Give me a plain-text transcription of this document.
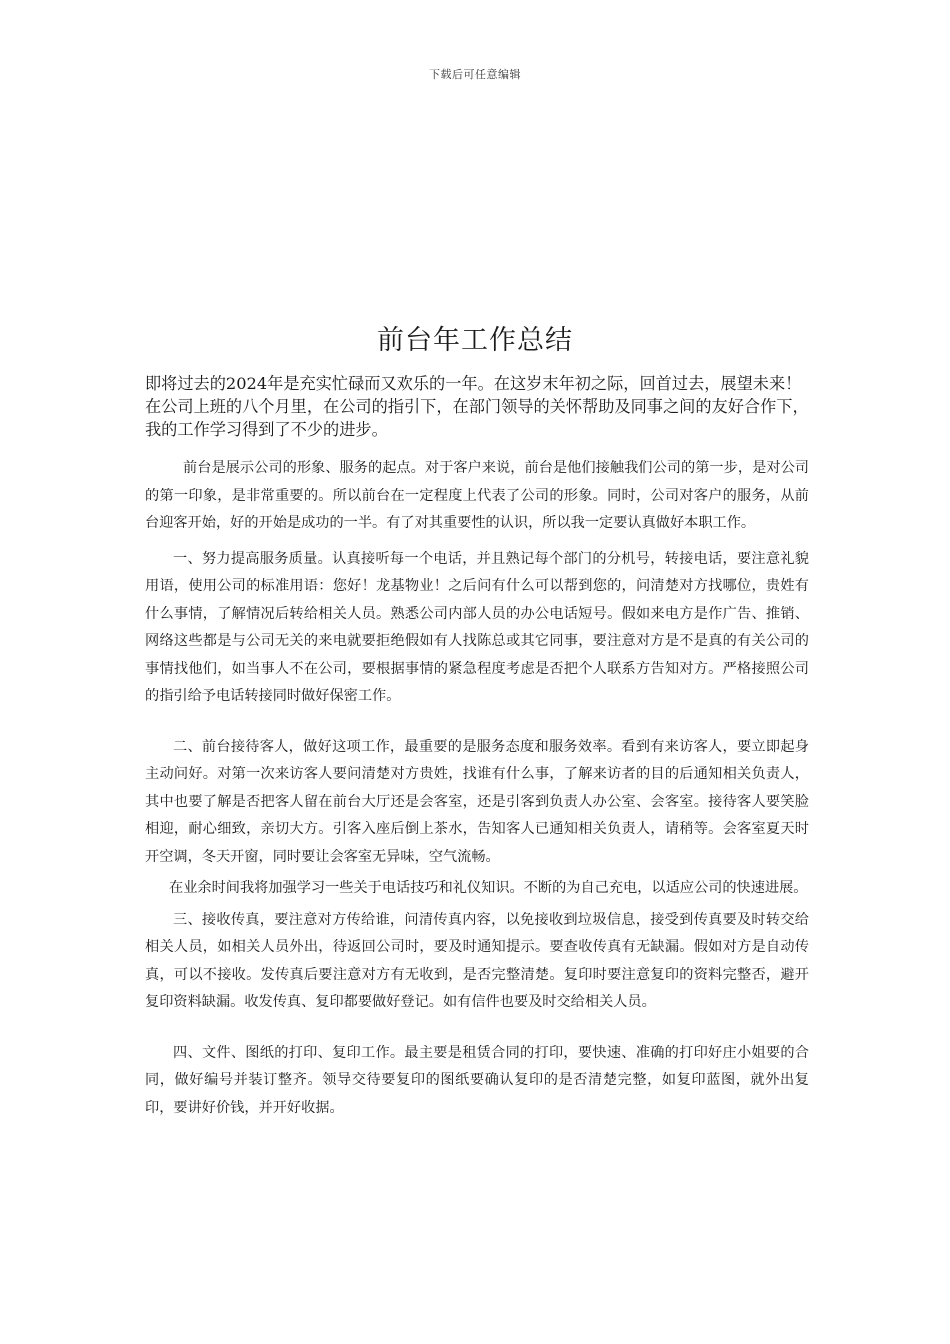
下载后可任意编辑
前台年工作总结

即将过去的2024年是充实忙碌而又欢乐的一年。在这岁末年初之际，回首过去，展望未来！在公司上班的八个月里，在公司的指引下，在部门领导的关怀帮助及同事之间的友好合作下，我的工作学习得到了不少的进步。

前台是展示公司的形象、服务的起点。对于客户来说，前台是他们接触我们公司的第一步，是对公司的第一印象，是非常重要的。所以前台在一定程度上代表了公司的形象。同时，公司对客户的服务，从前台迎客开始，好的开始是成功的一半。有了对其重要性的认识，所以我一定要认真做好本职工作。

一、努力提高服务质量。认真接听每一个电话，并且熟记每个部门的分机号，转接电话，要注意礼貌用语，使用公司的标准用语：您好！龙基物业！之后问有什么可以帮到您的，问清楚对方找哪位，贵姓有什么事情，了解情况后转给相关人员。熟悉公司内部人员的办公电话短号。假如来电方是作广告、推销、网络这些都是与公司无关的来电就要拒绝假如有人找陈总或其它同事，要注意对方是不是真的有关公司的事情找他们，如当事人不在公司，要根据事情的紧急程度考虑是否把个人联系方告知对方。严格接照公司的指引给予电话转接同时做好保密工作。

二、前台接待客人，做好这项工作，最重要的是服务态度和服务效率。看到有来访客人，要立即起身主动问好。对第一次来访客人要问清楚对方贵姓，找谁有什么事，了解来访者的目的后通知相关负责人，其中也要了解是否把客人留在前台大厅还是会客室，还是引客到负责人办公室、会客室。接待客人要笑脸相迎，耐心细致，亲切大方。引客入座后倒上茶水，告知客人已通知相关负责人，请稍等。会客室夏天时开空调，冬天开窗，同时要让会客室无异味，空气流畅。

在业余时间我将加强学习一些关于电话技巧和礼仪知识。不断的为自己充电，以适应公司的快速进展。

三、接收传真，要注意对方传给谁，问清传真内容，以免接收到垃圾信息，接受到传真要及时转交给相关人员，如相关人员外出，待返回公司时，要及时通知提示。要查收传真有无缺漏。假如对方是自动传真，可以不接收。发传真后要注意对方有无收到，是否完整清楚。复印时要注意复印的资料完整否，避开复印资料缺漏。收发传真、复印都要做好登记。如有信件也要及时交给相关人员。

四、文件、图纸的打印、复印工作。最主要是租赁合同的打印，要快速、准确的打印好庄小姐要的合同，做好编号并装订整齐。领导交待要复印的图纸要确认复印的是否清楚完整，如复印蓝图，就外出复印，要讲好价钱，并开好收据。
